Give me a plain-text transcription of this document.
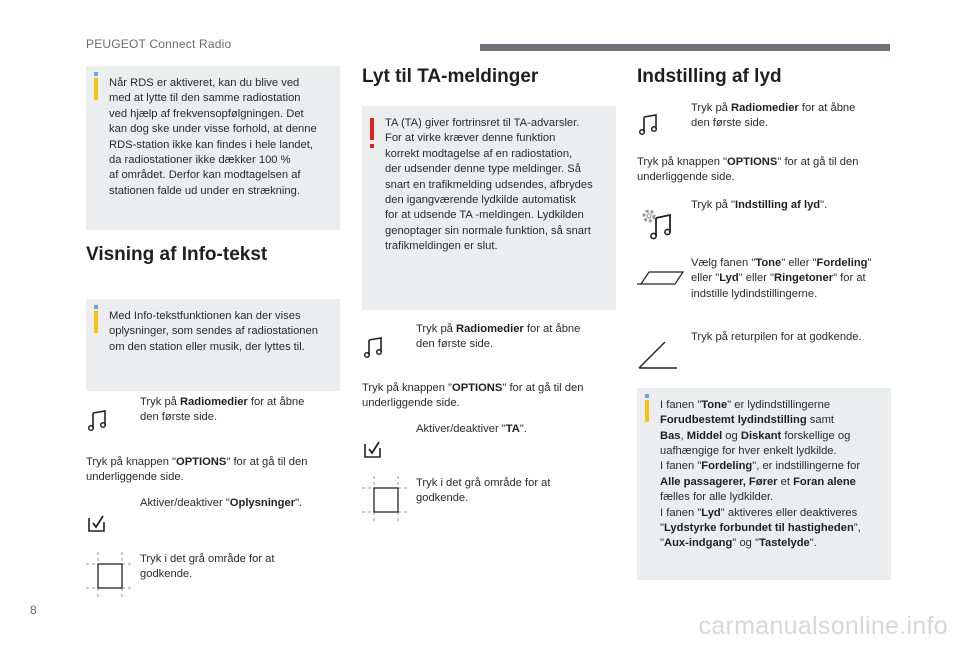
PEUGEOT Connect Radio
Når RDS er aktiveret, kan du blive ved
med at lytte til den samme radiostation
ved hjælp af frekvensopfølgningen. Det
kan dog ske under visse forhold, at denne
RDS-station ikke kan findes i hele landet,
da radiostationer ikke dækker 100 %
af området. Derfor kan modtagelsen af
stationen falde ud under en strækning.
Visning af Info-tekst
Med Info-tekstfunktionen kan der vises
oplysninger, som sendes af radiostationen
om den station eller musik, der lyttes til.
Tryk på Radiomedier for at åbne
den første side.
Tryk på knappen "OPTIONS" for at gå til den
underliggende side.
Aktiver/deaktiver "Oplysninger".
Tryk i det grå område for at
godkende.
Lyt til TA-meldinger
TA (TA) giver fortrinsret til TA-advarsler.
For at virke kræver denne funktion
korrekt modtagelse af en radiostation,
der udsender denne type meldinger. Så
snart en trafikmelding udsendes, afbrydes
den igangværende lydkilde automatisk
for at udsende TA -meldingen. Lydkilden
genoptager sin normale funktion, så snart
trafikmeldingen er slut.
Tryk på Radiomedier for at åbne
den første side.
Tryk på knappen "OPTIONS" for at gå til den
underliggende side.
Aktiver/deaktiver "TA".
Tryk i det grå område for at
godkende.
Indstilling af lyd
Tryk på Radiomedier for at åbne
den første side.
Tryk på knappen "OPTIONS" for at gå til den
underliggende side.
Tryk på "Indstilling af lyd".
Vælg fanen "Tone" eller "Fordeling"
eller "Lyd" eller "Ringetoner" for at
indstille lydindstillingerne.
Tryk på returpilen for at godkende.
I fanen "Tone" er lydindstillingerne
Forudbestemt lydindstilling samt
Bas, Middel og Diskant forskellige og
uafhængige for hver enkelt lydkilde.
I fanen "Fordeling", er indstillingerne for
Alle passagerer, Fører et Foran alene
fælles for alle lydkilder.
I fanen "Lyd" aktiveres eller deaktiveres
"Lydstyrke forbundet til hastigheden",
"Aux-indgang" og "Tastelyde".
8
carmanualsonline.info
